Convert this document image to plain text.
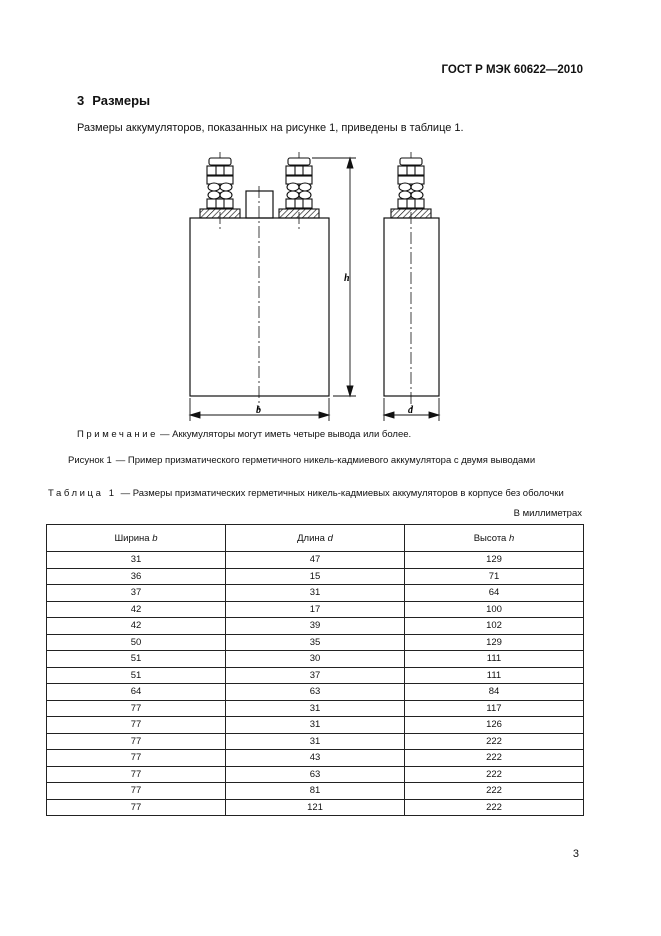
ГОСТ Р МЭК 60622—2010
3 Размеры
Размеры аккумуляторов, показанных на рисунке 1, приведены в таблице 1.
h
b	d
Примечание — Аккумуляторы могут иметь четыре вывода или более.
Рисунок 1 — Пример призматического герметичного никель-кадмиевого аккумулятора с двумя выводами
Таблица 1 — Размеры призматических герметичных никель-кадмиевых аккумуляторов в корпусе без оболочки
В миллиметрах
Ширина b	Длина d	Высота h
31	47	129
36	15	71
37	31	64
42	17	100
42	39	102
50	35	129
51	30	111
51	37	111
64	63	84
77	31	117
77	31	126
77	31	222
77	43	222
77	63	222
77	81	222
77	121	222
3
